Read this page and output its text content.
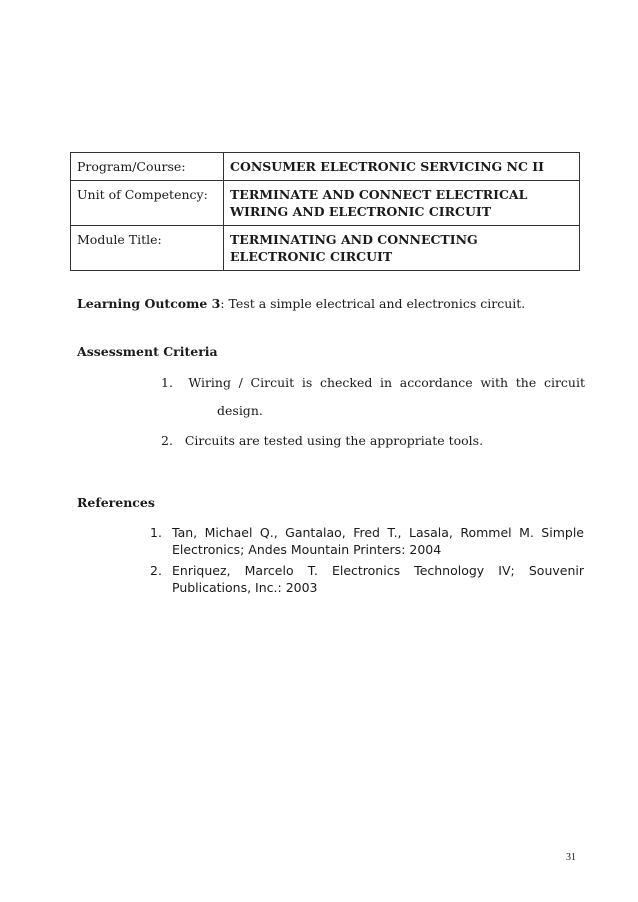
Program/Course:	CONSUMER ELECTRONIC SERVICING NC II
Unit of Competency:	TERMINATE AND CONNECT ELECTRICAL WIRING AND ELECTRONIC CIRCUIT
Module Title:	TERMINATING AND CONNECTING ELECTRONIC CIRCUIT
Learning Outcome 3: Test a simple electrical and electronics circuit.
Assessment Criteria
1. Wiring / Circuit is checked in accordance with the circuit
design.
2. Circuits are tested using the appropriate tools.
References
1. Tan, Michael Q., Gantalao, Fred T., Lasala, Rommel M. Simple Electronics; Andes Mountain Printers: 2004
2. Enriquez, Marcelo T. Electronics Technology IV; Souvenir Publications, Inc.: 2003
31
